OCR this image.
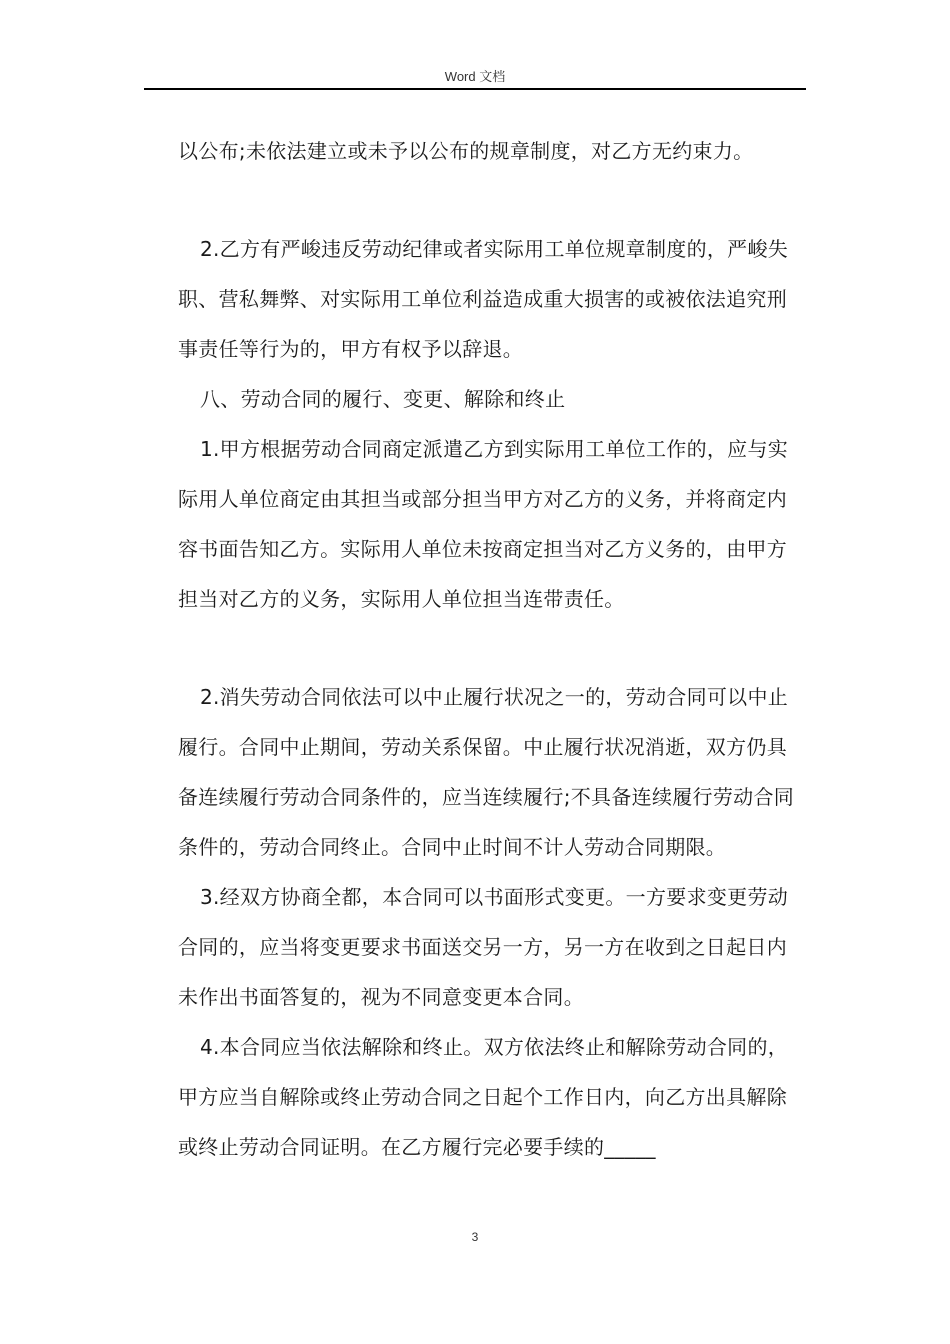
Word 文档

以公布;未依法建立或未予以公布的规章制度，对乙方无约束力。

2.乙方有严峻违反劳动纪律或者实际用工单位规章制度的，严峻失职、营私舞弊、对实际用工单位利益造成重大损害的或被依法追究刑事责任等行为的，甲方有权予以辞退。

八、劳动合同的履行、变更、解除和终止

1.甲方根据劳动合同商定派遣乙方到实际用工单位工作的，应与实际用人单位商定由其担当或部分担当甲方对乙方的义务，并将商定内容书面告知乙方。实际用人单位未按商定担当对乙方义务的，由甲方担当对乙方的义务，实际用人单位担当连带责任。

2.消失劳动合同依法可以中止履行状况之一的，劳动合同可以中止履行。合同中止期间，劳动关系保留。中止履行状况消逝，双方仍具备连续履行劳动合同条件的，应当连续履行;不具备连续履行劳动合同条件的，劳动合同终止。合同中止时间不计人劳动合同期限。

3.经双方协商全都，本合同可以书面形式变更。一方要求变更劳动合同的，应当将变更要求书面送交另一方，另一方在收到之日起日内未作出书面答复的，视为不同意变更本合同。

4.本合同应当依法解除和终止。双方依法终止和解除劳动合同的，甲方应当自解除或终止劳动合同之日起个工作日内，向乙方出具解除或终止劳动合同证明。在乙方履行完必要手续的_____

3
